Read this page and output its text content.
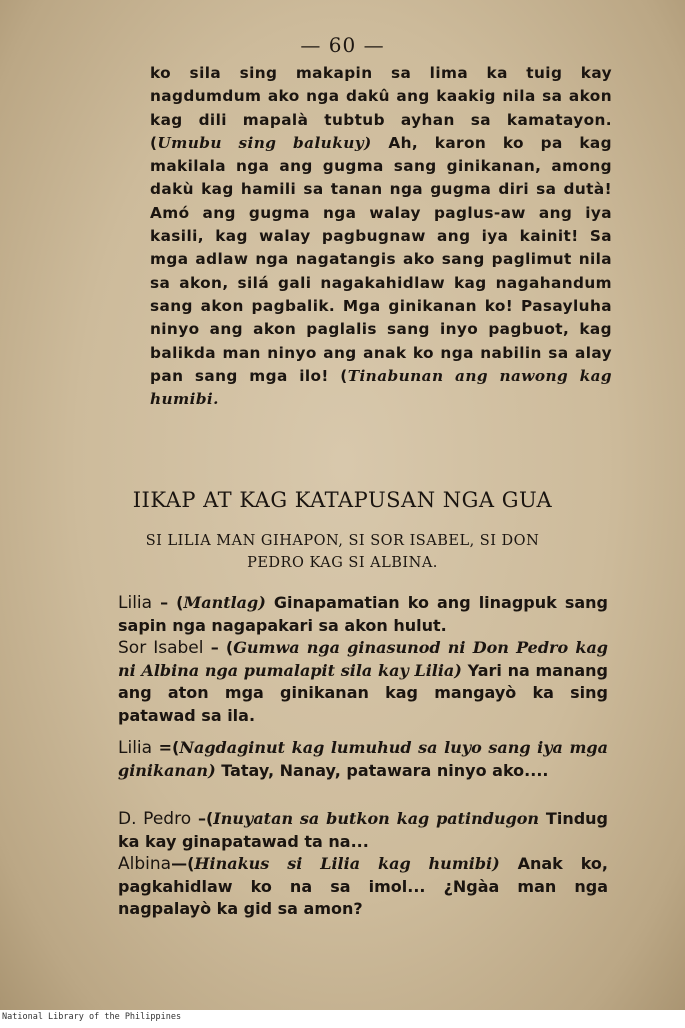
— 60 —

ko sila sing makapin sa lima ka tuig kay nagdumdum ako nga dakû ang kaakig nila sa akon kag dili mapalà tubtub ayhan sa kamatayon. (Umubu sing balukuy) Ah, karon ko pa kag makilala nga ang gugma sang ginikanan, among dakù kag hamili sa tanan nga gugma diri sa dutà! Amó ang gugma nga walay paglus-aw ang iya kasili, kag walay pagbugnaw ang iya kainit! Sa mga adlaw nga nagatangis ako sang paglimut nila sa akon, silá gali nagakahidlaw kag nagahandum sang akon pagbalik. Mga ginikanan ko! Pasayluha ninyo ang akon paglalis sang inyo pagbuot, kag balikda man ninyo ang anak ko nga nabilin sa alay pan sang mga ilo! (Tinabunan ang nawong kag humibi.

IIKAP AT KAG KATAPUSAN NGA GUA
SI LILIA MAN GIHAPON, SI SOR ISABEL, SI DON
PEDRO KAG SI ALBINA.

Lilia – (Mantlag) Ginapamatian ko ang linagpuk sang sapin nga nagapakari sa akon hulut.

Sor Isabel – (Gumwa nga ginasunod ni Don Pedro kag ni Albina nga pumalapit sila kay Lilia) Yari na manang ang aton mga ginikanan kag mangayò ka sing patawad sa ila.

Lilia =(Nagdaginut kag lumuhud sa luyo sang iya mga ginikanan) Tatay, Nanay, patawara ninyo ako....

D. Pedro –(Inuyatan sa butkon kag patindugon Tindug ka kay ginapatawad ta na...

Albina—(Hinakus si Lilia kag humibi) Anak ko, pagkahidlaw ko na sa imol... ¿Ngàa man nga nagpalayò ka gid sa amon?

National Library of the Philippines
